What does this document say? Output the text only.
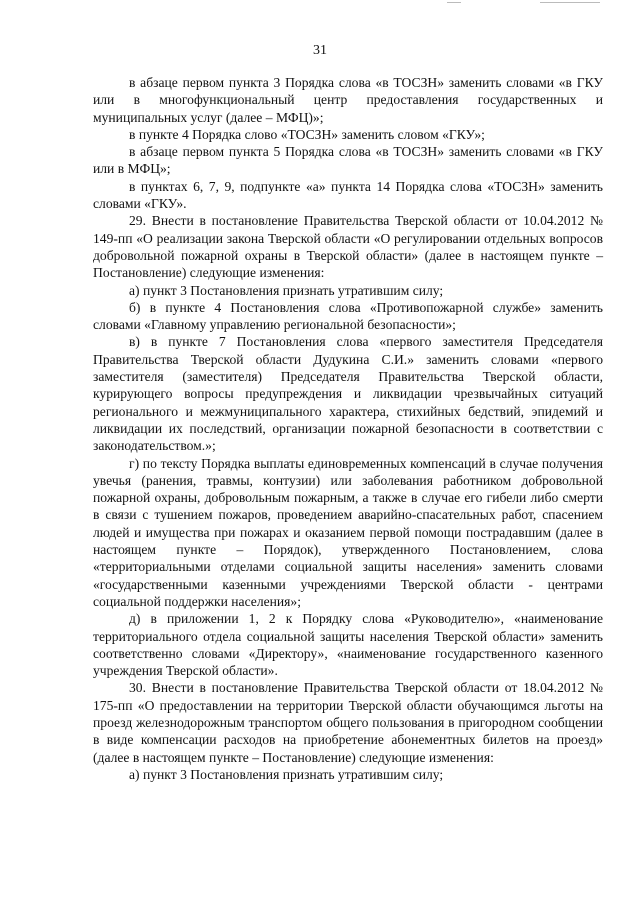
31

в абзаце первом пункта 3 Порядка слова «в ТОСЗН» заменить словами «в ГКУ или в многофункциональный центр предоставления государственных и муниципальных услуг (далее – МФЦ)»;

в пункте 4 Порядка слово «ТОСЗН» заменить словом «ГКУ»;

в абзаце первом пункта 5 Порядка слова «в ТОСЗН» заменить словами «в ГКУ или в МФЦ»;

в пунктах 6, 7, 9, подпункте «а» пункта 14 Порядка слова «ТОСЗН» заменить словами «ГКУ».

29. Внести в постановление Правительства Тверской области от 10.04.2012 № 149-пп «О реализации закона Тверской области «О регулировании отдельных вопросов добровольной пожарной охраны в Тверской области» (далее в настоящем пункте – Постановление) следующие изменения:

а) пункт 3 Постановления признать утратившим силу;

б) в пункте 4 Постановления слова «Противопожарной службе» заменить словами «Главному управлению региональной безопасности»;

в) в пункте 7 Постановления слова «первого заместителя Председателя Правительства Тверской области Дудукина С.И.» заменить словами «первого заместителя (заместителя) Председателя Правительства Тверской области, курирующего вопросы предупреждения и ликвидации чрезвычайных ситуаций регионального и межмуниципального характера, стихийных бедствий, эпидемий и ликвидации их последствий, организации пожарной безопасности в соответствии с законодательством.»;

г) по тексту Порядка выплаты единовременных компенсаций в случае получения увечья (ранения, травмы, контузии) или заболевания работником добровольной пожарной охраны, добровольным пожарным, а также в случае его гибели либо смерти в связи с тушением пожаров, проведением аварийно-спасательных работ, спасением людей и имущества при пожарах и оказанием первой помощи пострадавшим (далее в настоящем пункте – Порядок), утвержденного Постановлением, слова «территориальными отделами социальной защиты населения» заменить словами «государственными казенными учреждениями Тверской области - центрами социальной поддержки населения»;

д) в приложении 1, 2 к Порядку слова «Руководителю», «наименование территориального отдела социальной защиты населения Тверской области» заменить соответственно словами «Директору», «наименование государственного казенного учреждения Тверской области».

30. Внести в постановление Правительства Тверской области от 18.04.2012 № 175-пп «О предоставлении на территории Тверской области обучающимся льготы на проезд железнодорожным транспортом общего пользования в пригородном сообщении в виде компенсации расходов на приобретение абонементных билетов на проезд» (далее в настоящем пункте – Постановление) следующие изменения:

а) пункт 3 Постановления признать утратившим силу;
